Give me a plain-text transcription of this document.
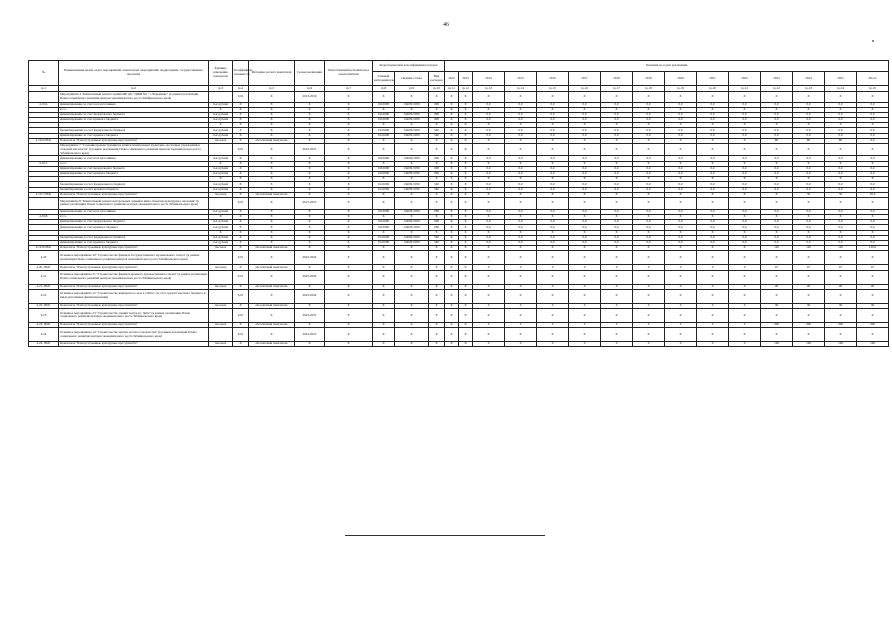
46
№	Наименования целей, задач, мероприятий, показателей, мероприятий, подпрограмм, государственных программ	Единица измерения показателя	Коэффициент значимости	Методика расчета показателя	Сроки реализации	Ответственный исполнитель и соисполнители	Коды бюджетной классификации расходов			Значения по годам реализации														
							Главный распорядитель	Целевая статья	Вид расходов	2012	2013	2014	2015	2016	2017	2018	2019	2020	2021	2022	2023	2024	2025	Итого
гр.1	гр.2	гр.3	гр.4	гр.5	гр.6	гр.7	гр.8	гр.9	гр.10	гр.11	гр.12	гр.13	гр.14	гр.15	гр.16	гр.17	гр.18	гр.19	гр.20	гр.21	гр.22	гр.23	гр.24	гр.25
	Мероприятие 4 "Капитальный ремонт здания МБ ДО "ДШИ №1" г. Черемхово" (в рамках реализации Плана социального развития центров экономического роста Забайкальского края)		0,01	X	2013-2019	X	X	X	X	X	X	X	X	X	X	X	X	X	X	X	X	X	X	X
4.19.6.	финансирование за счет всех источников	тыс.рублей	X	X	X	X	0110000	13403L5050	000	X	X	0,0	0,0	0,0	0,0	0,0	0,0	0,0	0,0	0,0	0,0	0,0	0,0	0,0
	в т.ч.	X	X	X	X	X	X	X	X	X	X	X	X	X	X	X	X	X	X	X	X	X	X	X
	финансирование за счет федерального бюджета	тыс.рублей	X	X	X	X	0110000	13403L5050	000	X	X	0,0	0,0	0,0	0,0	0,0	0,0	0,0	0,0	0,0	0,0	0,0	0,0	0,0
	финансирование за счет краевого бюджета	тыс.рублей	X	X	X	X	0110000	13403L5050	000	X	X	0,0	0,0	0,0	0,0	0,0	0,0	0,0	0,0	0,0	0,0	0,0	0,0	0,0
		X	X	X	X	X	X	X	X	X	X	X	X	X	X	X	X	X	X	X	X	X	X	X
	бюджетирование за счет федерального бюджета	тыс.рублей	X	X	X	X	0121000	13403L5050	540	X	X	0,0	0,0	0,0	0,0	0,0	0,0	0,0	0,0	0,0	0,0	0,0	0,0	0,0
	финансирование за счет краевого бюджета	тыс.рублей	X	X	X	X	0121000	13403L5050	540	X	X	0,0	0,0	0,0	0,0	0,0	0,0	0,0	0,0	0,0	0,0	0,0	0,0	0,0
4.19.6.ПМ1	Показатель "Благоустроенные культурные пространства"	тыс.кв.м	X	абсолютный показатель	X	X	X	X	X	X	X	X	X	X	X	X	X	X	X	X	80	80	80	0,0
	Мероприятие 7 "Создание (реконструкция) и капитальный ремонт культурно-досуговых учреждений в сельской местности" (в рамках реализации Плана социального развития центров экономического роста Забайкальского края)		0,01	X	2023-2025	X	X	X	X	X	X	X	X	X	X	X	X	X	X	X	X	X	X	X
	финансирование за счет всех источников	тыс.рублей	X	X	X	X	0110000	13403L5050	000	X	X	0,0	0,0	0,0	0,0	0,0	0,0	0,0	0,0	0,0	0,0	0,0	0,0	0,0
4.19.7.	в т.ч.	X	X	X	X	X	X	X	X	X	X	X	X	X	X	X	X	X	X	X	X	X	X	X
	финансирование за счет федерального бюджета	тыс.рублей	X	X	X	X	0110000	13403L5050	000	X	X	0,0	0,0	0,0	0,0	0,0	0,0	0,0	0,0	0,0	0,0	0,0	0,0	0,0
	финансирование за счет краевого бюджета	тыс.рублей	X	X	X	X	0110000	13403L5050	000	X	X	0,0	0,0	0,0	0,0	0,0	0,0	0,0	0,0	0,0	0,0	0,0	0,0	0,0
		X	X	X	X	X	X	X	X	X	X	X	X	X	X	X	X	X	X	X	X	X	X	X
	бюджетирование за счет федерального бюджета	тыс.рублей	X	X	X	X	0121000	13403L5050	540	X	X	0,0	0,0	0,0	0,0	0,0	0,0	0,0	0,0	0,0	0,0	0,0	0,0	0,0
	бюджетирование за счет краевого бюджета	тыс.рублей	X	X	X	X	0121000	13403L5050	540	X	X	0,0	0,0	0,0	0,0	0,0	0,0	0,0	0,0	0,0	0,0	0,0	0,0	0,0
4.19.7.ПМ1	Показатель "Благоустроенные культурные пространства"	тыс.кв.м	X	абсолютный показатель	X	X	X	X	X	X	X	X	X	X	X	X	X	X	X	X	X	30	30	30,0
	Мероприятие 8 "Капитальный ремонт центральных зданий и иных объектов культурного наследия" (в рамках реализации Плана социального развития центров экономического роста Забайкальского края)		0,01	X	2013-2025	X	X	X	X	X	X	X	X	X	X	X	X	X	X	X	X	X	X	X
	финансирование за счет всех источников	тыс.рублей	X	X	X	X	0110000	13403L5050	000	X	X	0,0	0,0	0,0	0,0	0,0	0,0	0,0	0,0	0,0	0,0	0,0	0,0	0,0
4.19.8.	в т.ч.	X	X	X	X	X	X	X	X	X	X	X	X	X	X	X	X	X	X	X	X	X	X	X
	финансирование за счет федерального бюджета	тыс.рублей	X	X	X	X	0110000	13403L5050	000	X	X	0,0	0,0	0,0	0,0	0,0	0,0	0,0	0,0	0,0	0,0	0,0	0,0	0,0
	финансирование за счет краевого бюджета	тыс.рублей	X	X	X	X	0110000	13403L5050	000	X	X	0,0	0,0	0,0	0,0	0,0	0,0	0,0	0,0	0,0	0,0	0,0	0,0	0,0
		X	X	X	X	X	X	X	X	X	X	X	X	X	X	X	X	X	X	X	X	X	X	X
	бюджетирование за счет федерального бюджета	тыс.рублей	X	X	X	X	0121000	13403L5050	540	X	X	0,0	0,0	0,0	0,0	0,0	0,0	0,0	0,0	0,0	0,0	0,0	0,0	0,0
	финансирование за счет краевого бюджета	тыс.рублей	X	X	X	X	0121000	13403L5050	540	X	X	0,0	0,0	0,0	0,0	0,0	0,0	0,0	0,0	0,0	0,0	0,0	0,0	0,0
4.19.8.ПМ1	Показатель "Благоустроенные культурные пространства"	тыс.кв.м	X	абсолютный показатель	X	X	X	X	X	X	X	X	X	X	X	X	X	X	X	X	120	120	120	120,0
4.20	Основное мероприятие 20 "Строительство филиала Государственного музыкального театра" (в рамках реализации Плана социального развития центров экономического роста Забайкальского края)		0,01	X	2023-2024	X	X	X	X	X	X	X	X	X	X	X	X	X	X	X	X	X	X	X
4.20. ПМ1	Показатель "Благоустроенные культурные пространства"	тыс.кв.м	X	абсолютный показатель	X	X	X	X	X	X	X	0	0	0	0	0	0	0	0	0	67	67	67	67
4.21	Основное мероприятие 21 "Строительство филиала краевого художественного музея" (в рамках реализации Плана социального развития центров экономического роста Забайкальского края)		0,01	X	2023-2024	X	X	X	X	X	X	X	X	X	X	X	X	X	X	X	X	X	X	X
4.21. ПМ1	Показатель "Благоустроенные культурные пространства"	тыс.кв.м	X	абсолютный показатель	X	X	X	X	X	X	X	0	0	0	0	0	0	0	0	0	40	40	40	40
4.22	Основное мероприятие 22 "Строительство концертного зала в г.Чите" (за счет средств местного бюджета и иных источников финансирования)		0,01	X	2023-2024	X	X	X	X	X	X	X	X	X	X	X	X	X	X	X	X	X	X	X
4.22. ПМ1	Показатель "Благоустроенные культурные пространства"	тыс.кв.м	X	абсолютный показатель	X	X	X	X	X	X	X	0	0	0	0	0	0	0	0	0	30	30	30	30
4.23	Основное мероприятие 23 "Строительство здания театра в г. Чите" (в рамках реализации Плана социального развития центров экономического роста Забайкальского края)		0,01	X	2023-2025	X	X	X	X	X	X	X	X	X	X	X	X	X	X	X	X	X	X	X
4.23. ПМ1	Показатель "Благоустроенные культурные пространства"	тыс.кв.м	X	абсолютный показатель	X	X	X	X	X	X	X	0	0	0	0	0	0	0	0	0	300	300	300	300
4.24	Основное мероприятие 24 "Строительство центра детского творчества" (в рамках реализации Плана социального развития центров экономического роста Забайкальского края)		0,01	X	2023-2025	X	X	X	X	X	X	X	X	X	X	X	X	X	X	X	X	X	X	X
4.24. ПМ1	Показатель "Благоустроенные культурные пространства"	тыс.кв.м	X	абсолютный показатель	X	X	X	X	X	X	X	0	0	0	0	0	0	0	0	0	160	160	160	160
